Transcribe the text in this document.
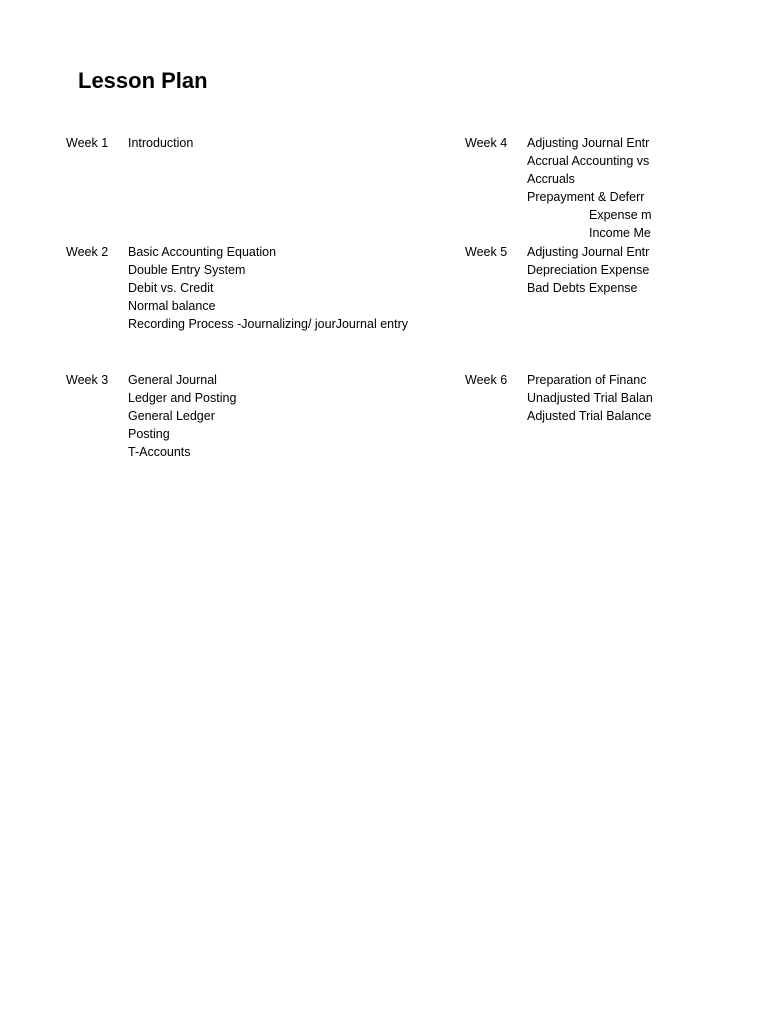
Lesson Plan
Week 1 Introduction
Week 2 Basic Accounting Equation
Double Entry System
Debit vs. Credit
Normal balance
Recording Process -Journalizing/ jourJournal entry
Week 3 General Journal
Ledger and Posting
General Ledger
Posting
T-Accounts
Week 4 Adjusting Journal Entr
Accrual Accounting vs
Accruals
Prepayment & Deferr
Expense m
Income Me
Week 5 Adjusting Journal Entr
Depreciation Expense
Bad Debts Expense
Week 6 Preparation of Financ
Unadjusted Trial Balan
Adjusted Trial Balance
